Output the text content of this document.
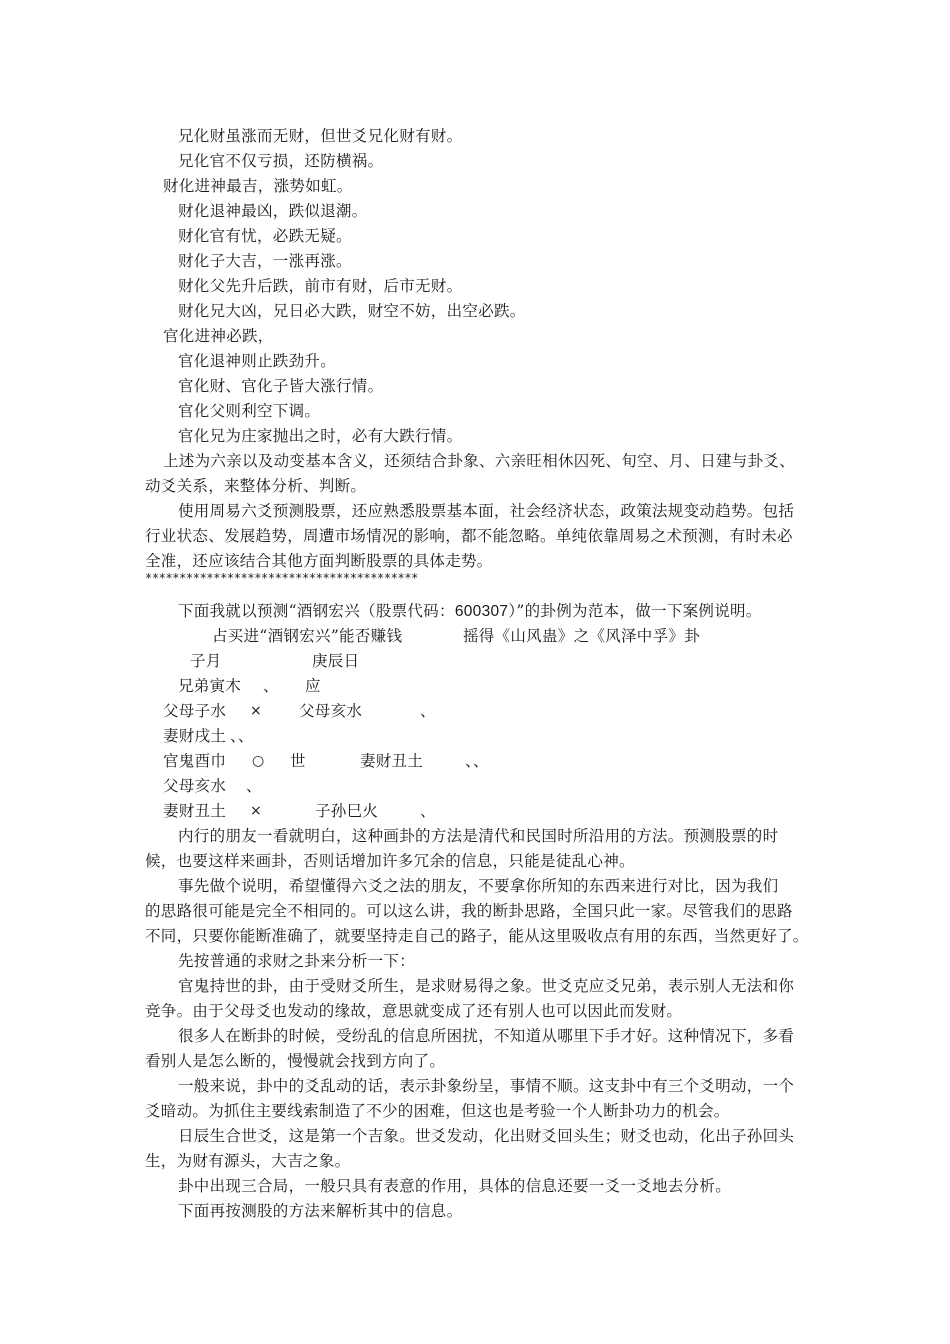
兄化财虽涨而无财，但世爻兄化财有财。
兄化官不仅亏损，还防横祸。
财化进神最吉，涨势如虹。
财化退神最凶，跌似退潮。
财化官有忧，必跌无疑。
财化子大吉，一涨再涨。
财化父先升后跌，前市有财，后市无财。
财化兄大凶，兄日必大跌，财空不妨，出空必跌。
官化进神必跌，
官化退神则止跌劲升。
官化财、官化子皆大涨行情。
官化父则利空下调。
官化兄为庄家抛出之时，必有大跌行情。
上述为六亲以及动变基本含义，还须结合卦象、六亲旺相休囚死、旬空、月、日建与卦爻、
动爻关系，来整体分析、判断。
使用周易六爻预测股票，还应熟悉股票基本面，社会经济状态，政策法规变动趋势。包括
行业状态、发展趋势，周遭市场情况的影响，都不能忽略。单纯依靠周易之术预测，有时未必
全准，还应该结合其他方面判断股票的具体走势。
****************************************
下面我就以预测“酒钢宏兴（股票代码：600307）”的卦例为范本，做一下案例说明。
占买进“酒钢宏兴”能否赚钱	摇得《山风蛊》之《风泽中孚》卦
子月	庚辰日
兄弟寅木 、 应
父母子水 × 父母亥水	、
妻财戌土 、、
官鬼酉巾 ○ 世	妻财丑土	、、
父母亥水 、
妻财丑土 ×	子孙巳火	、
内行的朋友一看就明白，这种画卦的方法是清代和民国时所沿用的方法。预测股票的时
候，也要这样来画卦，否则话增加许多冗余的信息，只能是徒乱心神。
事先做个说明，希望懂得六爻之法的朋友，不要拿你所知的东西来进行对比，因为我们
的思路很可能是完全不相同的。可以这么讲，我的断卦思路，全国只此一家。尽管我们的思路
不同，只要你能断准确了，就要坚持走自己的路子，能从这里吸收点有用的东西，当然更好了。
先按普通的求财之卦来分析一下：
官鬼持世的卦，由于受财爻所生，是求财易得之象。世爻克应爻兄弟，表示别人无法和你
竞争。由于父母爻也发动的缘故，意思就变成了还有别人也可以因此而发财。
很多人在断卦的时候，受纷乱的信息所困扰，不知道从哪里下手才好。这种情况下，多看
看别人是怎么断的，慢慢就会找到方向了。
一般来说，卦中的爻乱动的话，表示卦象纷呈，事情不顺。这支卦中有三个爻明动，一个
爻暗动。为抓住主要线索制造了不少的困难，但这也是考验一个人断卦功力的机会。
日辰生合世爻，这是第一个吉象。世爻发动，化出财爻回头生；财爻也动，化出子孙回头
生，为财有源头，大吉之象。
卦中出现三合局，一般只具有表意的作用，具体的信息还要一爻一爻地去分析。
下面再按测股的方法来解析其中的信息。
